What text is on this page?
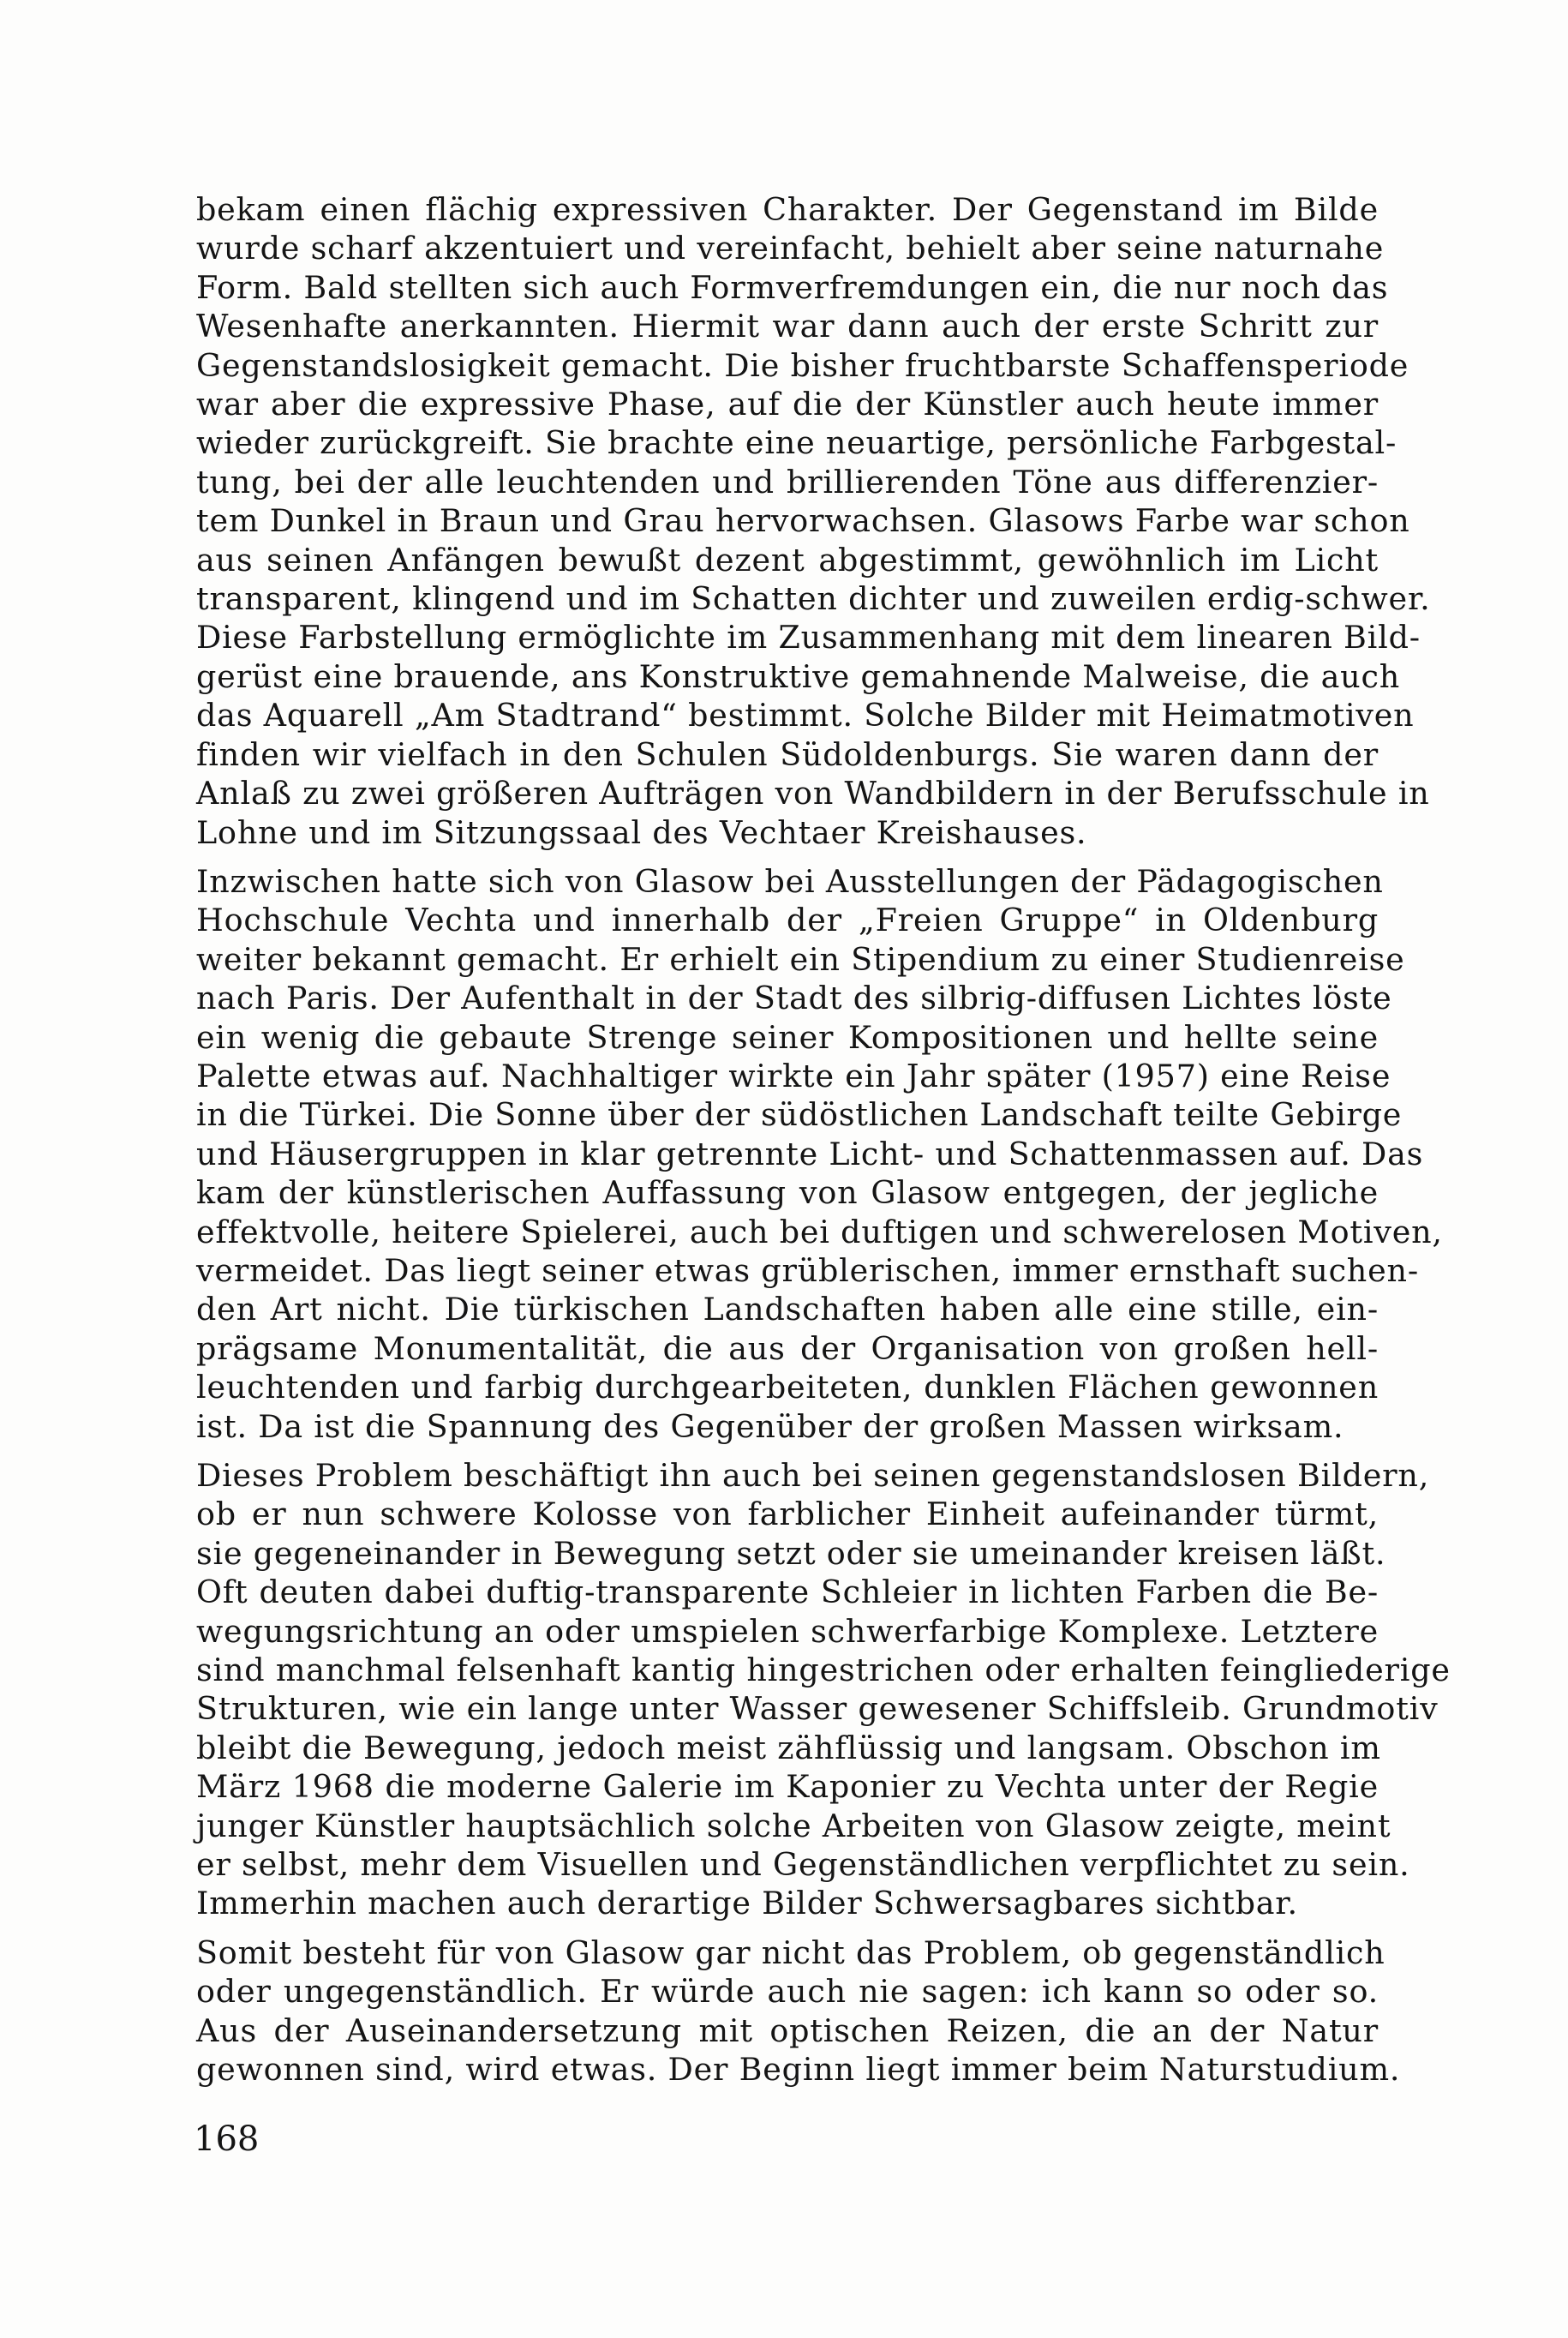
bekam einen flächig expressiven Charakter. Der Gegenstand im Bilde
wurde scharf akzentuiert und vereinfacht, behielt aber seine naturnahe
Form. Bald stellten sich auch Formverfremdungen ein, die nur noch das
Wesenhafte anerkannten. Hiermit war dann auch der erste Schritt zur
Gegenstandslosigkeit gemacht. Die bisher fruchtbarste Schaffensperiode
war aber die expressive Phase, auf die der Künstler auch heute immer
wieder zurückgreift. Sie brachte eine neuartige, persönliche Farbgestal-
tung, bei der alle leuchtenden und brillierenden Töne aus differenzier-
tem Dunkel in Braun und Grau hervorwachsen. Glasows Farbe war schon
aus seinen Anfängen bewußt dezent abgestimmt, gewöhnlich im Licht
transparent, klingend und im Schatten dichter und zuweilen erdig-schwer.
Diese Farbstellung ermöglichte im Zusammenhang mit dem linearen Bild-
gerüst eine brauende, ans Konstruktive gemahnende Malweise, die auch
das Aquarell „Am Stadtrand“ bestimmt. Solche Bilder mit Heimatmotiven
finden wir vielfach in den Schulen Südoldenburgs. Sie waren dann der
Anlaß zu zwei größeren Aufträgen von Wandbildern in der Berufsschule in
Lohne und im Sitzungssaal des Vechtaer Kreishauses.

Inzwischen hatte sich von Glasow bei Ausstellungen der Pädagogischen
Hochschule Vechta und innerhalb der „Freien Gruppe“ in Oldenburg
weiter bekannt gemacht. Er erhielt ein Stipendium zu einer Studienreise
nach Paris. Der Aufenthalt in der Stadt des silbrig-diffusen Lichtes löste
ein wenig die gebaute Strenge seiner Kompositionen und hellte seine
Palette etwas auf. Nachhaltiger wirkte ein Jahr später (1957) eine Reise
in die Türkei. Die Sonne über der südöstlichen Landschaft teilte Gebirge
und Häusergruppen in klar getrennte Licht- und Schattenmassen auf. Das
kam der künstlerischen Auffassung von Glasow entgegen, der jegliche
effektvolle, heitere Spielerei, auch bei duftigen und schwerelosen Motiven,
vermeidet. Das liegt seiner etwas grüblerischen, immer ernsthaft suchen-
den Art nicht. Die türkischen Landschaften haben alle eine stille, ein-
prägsame Monumentalität, die aus der Organisation von großen hell-
leuchtenden und farbig durchgearbeiteten, dunklen Flächen gewonnen
ist. Da ist die Spannung des Gegenüber der großen Massen wirksam.

Dieses Problem beschäftigt ihn auch bei seinen gegenstandslosen Bildern,
ob er nun schwere Kolosse von farblicher Einheit aufeinander türmt,
sie gegeneinander in Bewegung setzt oder sie umeinander kreisen läßt.
Oft deuten dabei duftig-transparente Schleier in lichten Farben die Be-
wegungsrichtung an oder umspielen schwerfarbige Komplexe. Letztere
sind manchmal felsenhaft kantig hingestrichen oder erhalten feingliederige
Strukturen, wie ein lange unter Wasser gewesener Schiffsleib. Grundmotiv
bleibt die Bewegung, jedoch meist zähflüssig und langsam. Obschon im
März 1968 die moderne Galerie im Kaponier zu Vechta unter der Regie
junger Künstler hauptsächlich solche Arbeiten von Glasow zeigte, meint
er selbst, mehr dem Visuellen und Gegenständlichen verpflichtet zu sein.
Immerhin machen auch derartige Bilder Schwersagbares sichtbar.

Somit besteht für von Glasow gar nicht das Problem, ob gegenständlich
oder ungegenständlich. Er würde auch nie sagen: ich kann so oder so.
Aus der Auseinandersetzung mit optischen Reizen, die an der Natur
gewonnen sind, wird etwas. Der Beginn liegt immer beim Naturstudium.

168
